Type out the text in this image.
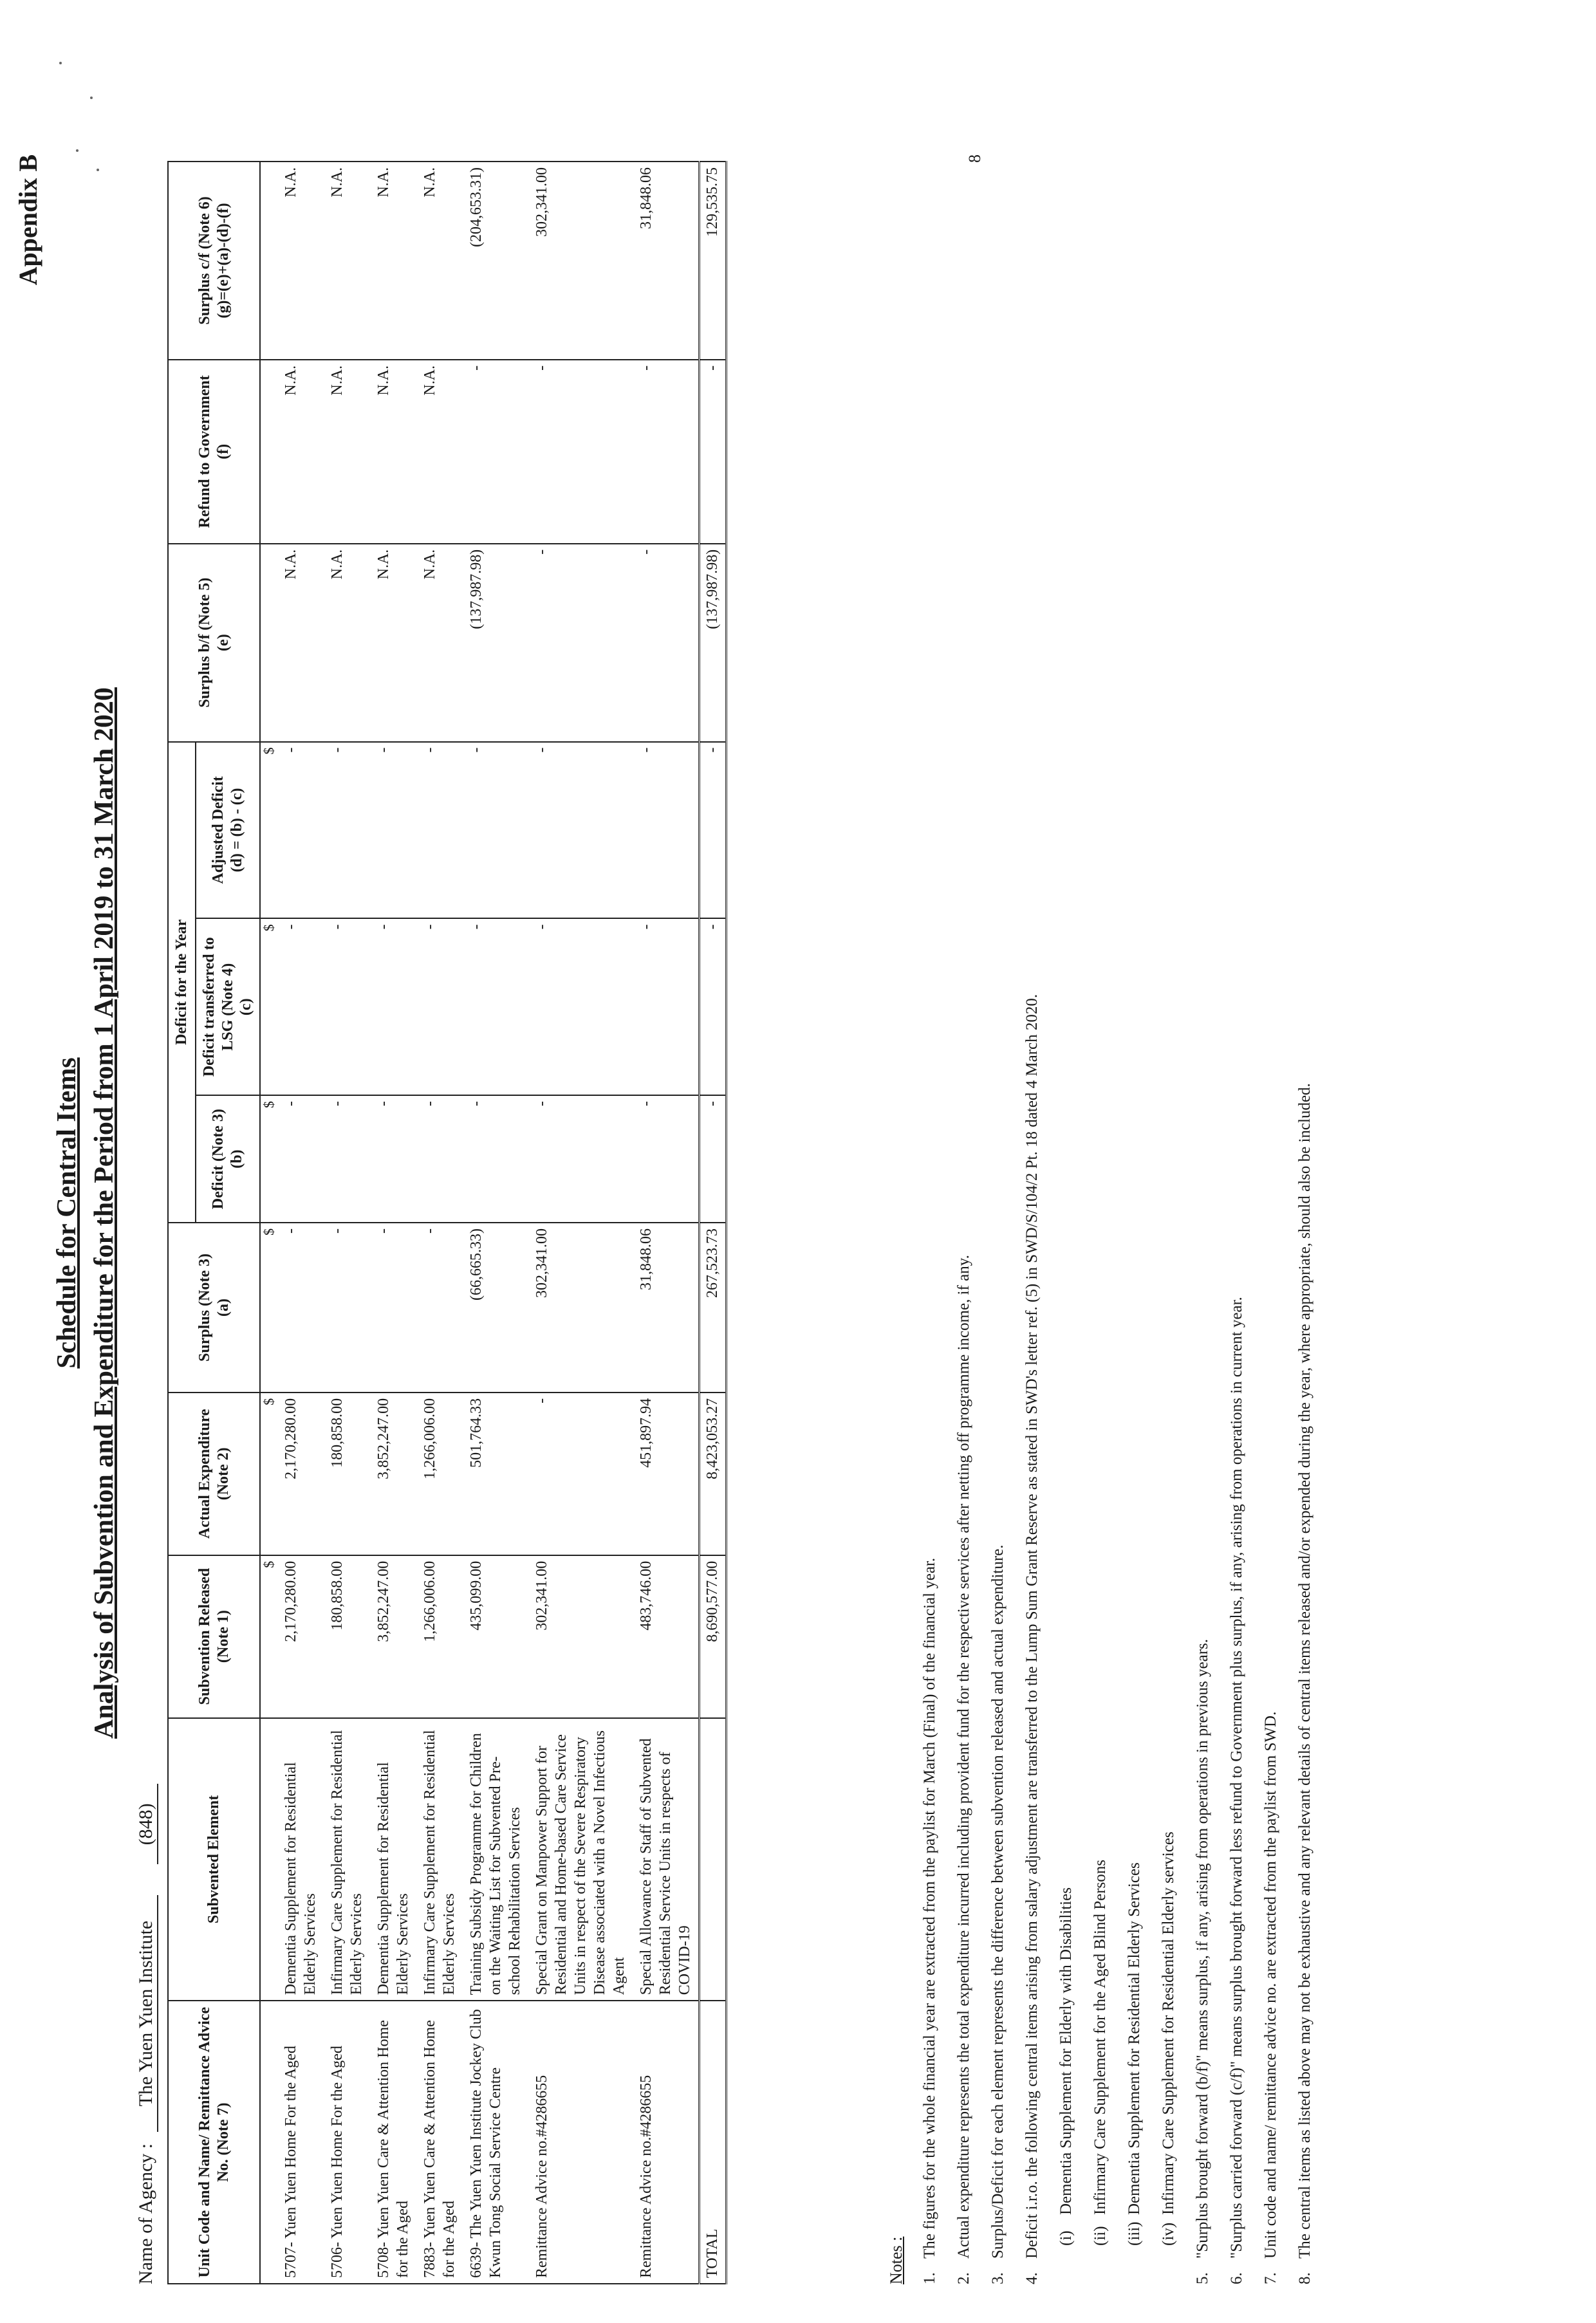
Appendix B
Schedule for Central Items Analysis of Subvention and Expenditure for the Period from 1 April 2019 to 31 March 2020
Name of Agency : The Yuen Yuen Institute (848)
Unit Code and Name/ Remittance Advice No. (Note 7)	Subvented Element	Subvention Released (Note 1)	Actual Expenditure (Note 2)	Surplus (Note 3) (a)	Deficit for the Year			Surplus b/f (Note 5) (e)	Refund to Government (f)	Surplus c/f (Note 6) (g)=(e)+(a)-(d)-(f)
					Deficit (Note 3) (b)	Deficit transferred to LSG (Note 4) (c)	Adjusted Deficit (d) = (b) - (c)			
		$	$	$	$	$	$			
5707- Yuen Yuen Home For the Aged	Dementia Supplement for Residential Elderly Services	2,170,280.00	2,170,280.00	-	-	-	-	N.A.	N.A.	N.A.
5706- Yuen Yuen Home For the Aged	Infirmary Care Supplement for Residential Elderly Services	180,858.00	180,858.00	-	-	-	-	N.A.	N.A.	N.A.
5708- Yuen Yuen Care & Attention Home for the Aged	Dementia Supplement for Residential Elderly Services	3,852,247.00	3,852,247.00	-	-	-	-	N.A.	N.A.	N.A.
7883- Yuen Yuen Care & Attention Home for the Aged	Infirmary Care Supplement for Residential Elderly Services	1,266,006.00	1,266,006.00	-	-	-	-	N.A.	N.A.	N.A.
6639- The Yuen Yuen Institute Jockey Club Kwun Tong Social Service Centre	Training Subsidy Programme for Children on the Waiting List for Subvented Pre-school Rehabilitation Services	435,099.00	501,764.33	(66,665.33)	-	-	-	(137,987.98)	-	(204,653.31)
Remittance Advice no.#4286655	Special Grant on Manpower Support for Residential and Home-based Care Service Units in respect of the Severe Respiratory Disease associated with a Novel Infectious Agent	302,341.00	-	302,341.00	-	-	-	-	-	302,341.00
Remittance Advice no.#4286655	Special Allowance for Staff of Subvented Residential Service Units in respects of COVID-19	483,746.00	451,897.94	31,848.06	-	-	-	-	-	31,848.06
TOTAL		8,690,577.00	8,423,053.27	267,523.73	-	-	-	(137,987.98)	-	129,535.75
Notes : 1.The figures for the whole financial year are extracted from the paylist for March (Final) of the financial year.
2.Actual expenditure represents the total expenditure incurred including provident fund for the respective services after netting off programme income, if any.
3.Surplus/Deficit for each element represents the difference between subvention released and actual expenditure.
4.Deficit i.r.o. the following central items arising from salary adjustment are transferred to the Lump Sum Grant Reserve as stated in SWD's letter ref. (5) in SWD/S/104/2 Pt. 18 dated 4 March 2020. (i)Dementia Supplement for Elderly with Disabilities
(ii)Infirmary Care Supplement for the Aged Blind Persons
(iii)Dementia Supplement for Residential Elderly Services
(iv)Infirmary Care Supplement for Residential Elderly services
5."Surplus brought forward (b/f)" means surplus, if any, arising from operations in previous years.
6."Surplus carried forward (c/f)" means surplus brought forward less refund to Government plus surplus, if any, arising from operations in current year.
7.Unit code and name/ remittance advice no. are extracted from the paylist from SWD.
8.The central items as listed above may not be exhaustive and any relevant details of central items released and/or expended during the year, where appropriate, should also be included.
8
